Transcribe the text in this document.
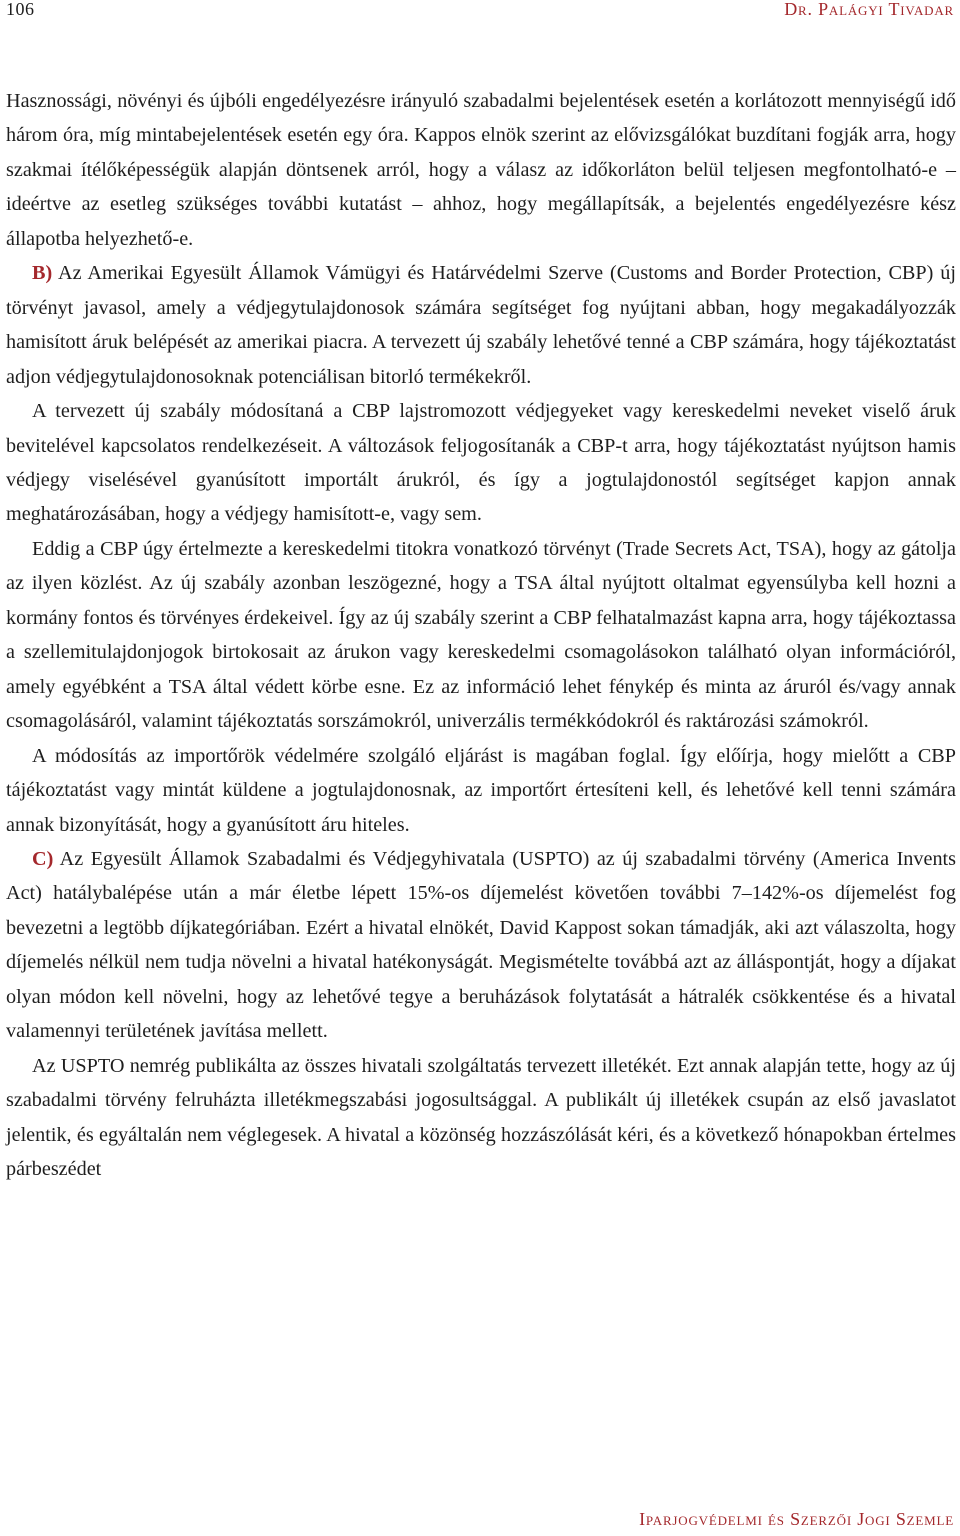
106	Dr. Palágyi Tivadar

Hasznossági, növényi és újbóli engedélyezésre irányuló szabadalmi bejelentések esetén a korlátozott mennyiségű idő három óra, míg mintabejelentések esetén egy óra. Kappos elnök szerint az elővizsgálókat buzdítani fogják arra, hogy szakmai ítélőképességük alapján döntsenek arról, hogy a válasz az időkorláton belül teljesen megfontolható-e – ideértve az esetleg szükséges további kutatást – ahhoz, hogy megállapítsák, a bejelentés engedélyezésre kész állapotba helyezhető-e.

B) Az Amerikai Egyesült Államok Vámügyi és Határvédelmi Szerve (Customs and Border Protection, CBP) új törvényt javasol, amely a védjegytulajdonosok számára segítséget fog nyújtani abban, hogy megakadályozzák hamisított áruk belépését az amerikai piacra. A tervezett új szabály lehetővé tenné a CBP számára, hogy tájékoztatást adjon védjegytulajdonosoknak potenciálisan bitorló termékekről.

A tervezett új szabály módosítaná a CBP lajstromozott védjegyeket vagy kereskedelmi neveket viselő áruk bevitelével kapcsolatos rendelkezéseit. A változások feljogosítanák a CBP-t arra, hogy tájékoztatást nyújtson hamis védjegy viselésével gyanúsított importált árukról, és így a jogtulajdonostól segítséget kapjon annak meghatározásában, hogy a védjegy hamisított-e, vagy sem.

Eddig a CBP úgy értelmezte a kereskedelmi titokra vonatkozó törvényt (Trade Secrets Act, TSA), hogy az gátolja az ilyen közlést. Az új szabály azonban leszögezné, hogy a TSA által nyújtott oltalmat egyensúlyba kell hozni a kormány fontos és törvényes érdekeivel. Így az új szabály szerint a CBP felhatalmazást kapna arra, hogy tájékoztassa a szellemitulajdonjogok birtokosait az árukon vagy kereskedelmi csomagolásokon található olyan információról, amely egyébként a TSA által védett körbe esne. Ez az információ lehet fénykép és minta az áruról és/vagy annak csomagolásáról, valamint tájékoztatás sorszámokról, univerzális termékkódokról és raktározási számokról.

A módosítás az importőrök védelmére szolgáló eljárást is magában foglal. Így előírja, hogy mielőtt a CBP tájékoztatást vagy mintát küldene a jogtulajdonosnak, az importőrt értesíteni kell, és lehetővé kell tenni számára annak bizonyítását, hogy a gyanúsított áru hiteles.

C) Az Egyesült Államok Szabadalmi és Védjegyhivatala (USPTO) az új szabadalmi törvény (America Invents Act) hatálybalépése után a már életbe lépett 15%-os díjemelést követően további 7–142%-os díjemelést fog bevezetni a legtöbb díjkategóriában. Ezért a hivatal elnökét, David Kappost sokan támadják, aki azt válaszolta, hogy díjemelés nélkül nem tudja növelni a hivatal hatékonyságát. Megismételte továbbá azt az álláspontját, hogy a díjakat olyan módon kell növelni, hogy az lehetővé tegye a beruházások folytatását a hátralék csökkentése és a hivatal valamennyi területének javítása mellett.

Az USPTO nemrég publikálta az összes hivatali szolgáltatás tervezett illetékét. Ezt annak alapján tette, hogy az új szabadalmi törvény felruházta illetékmegszabási jogosultsággal. A publikált új illetékek csupán az első javaslatot jelentik, és egyáltalán nem véglegesek. A hivatal a közönség hozzászólását kéri, és a következő hónapokban értelmes párbeszédet

Iparjogvédelmi és Szerzői Jogi Szemle
